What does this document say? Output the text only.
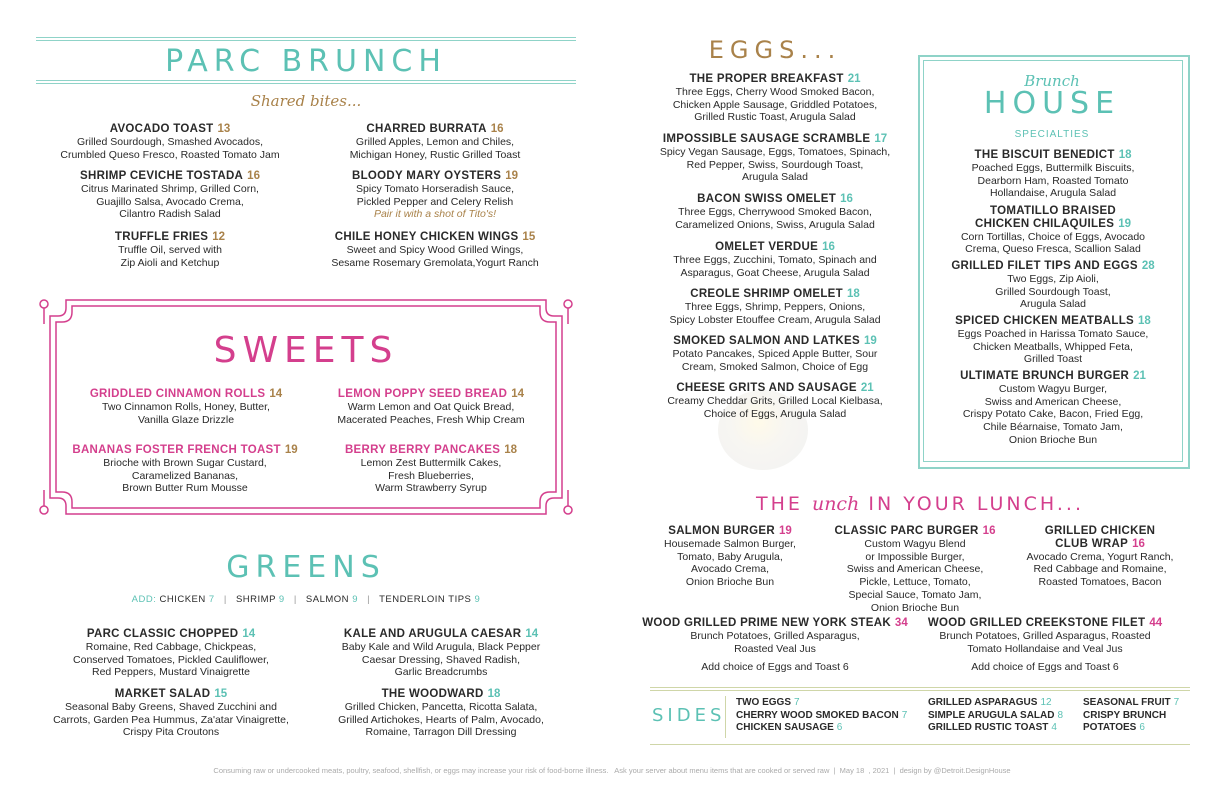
PARC BRUNCH
Shared bites...
AVOCADO TOAST 13
Grilled Sourdough, Smashed Avocados,
Crumbled Queso Fresco, Roasted Tomato Jam
CHARRED BURRATA 16
Grilled Apples, Lemon and Chiles,
Michigan Honey, Rustic Grilled Toast
SHRIMP CEVICHE TOSTADA 16
Citrus Marinated Shrimp, Grilled Corn,
Guajillo Salsa, Avocado Crema,
Cilantro Radish Salad
BLOODY MARY OYSTERS 19
Spicy Tomato Horseradish Sauce,
Pickled Pepper and Celery Relish
Pair it with a shot of Tito's!
TRUFFLE FRIES 12
Truffle Oil, served with
Zip Aioli and Ketchup
CHILE HONEY CHICKEN WINGS 15
Sweet and Spicy Wood Grilled Wings,
Sesame Rosemary Gremolata,Yogurt Ranch
SWEETS
GRIDDLED CINNAMON ROLLS 14
Two Cinnamon Rolls, Honey, Butter,
Vanilla Glaze Drizzle
LEMON POPPY SEED BREAD 14
Warm Lemon and Oat Quick Bread,
Macerated Peaches, Fresh Whip Cream
BANANAS FOSTER FRENCH TOAST 19
Brioche with Brown Sugar Custard,
Caramelized Bananas,
Brown Butter Rum Mousse
BERRY BERRY PANCAKES 18
Lemon Zest Buttermilk Cakes,
Fresh Blueberries,
Warm Strawberry Syrup
GREENS
ADD: CHICKEN 7 | SHRIMP 9 | SALMON 9 | TENDERLOIN TIPS 9
PARC CLASSIC CHOPPED 14
Romaine, Red Cabbage, Chickpeas,
Conserved Tomatoes, Pickled Cauliflower,
Red Peppers, Mustard Vinaigrette
KALE AND ARUGULA CAESAR 14
Baby Kale and Wild Arugula, Black Pepper
Caesar Dressing, Shaved Radish,
Garlic Breadcrumbs
MARKET SALAD 15
Seasonal Baby Greens, Shaved Zucchini and
Carrots, Garden Pea Hummus, Za'atar Vinaigrette,
Crispy Pita Croutons
THE WOODWARD 18
Grilled Chicken, Pancetta, Ricotta Salata,
Grilled Artichokes, Hearts of Palm, Avocado,
Romaine, Tarragon Dill Dressing
EGGS...
THE PROPER BREAKFAST 21
Three Eggs, Cherry Wood Smoked Bacon,
Chicken Apple Sausage, Griddled Potatoes,
Grilled Rustic Toast, Arugula Salad
IMPOSSIBLE SAUSAGE SCRAMBLE 17
Spicy Vegan Sausage, Eggs, Tomatoes, Spinach,
Red Pepper, Swiss, Sourdough Toast,
Arugula Salad
BACON SWISS OMELET 16
Three Eggs, Cherrywood Smoked Bacon,
Caramelized Onions, Swiss, Arugula Salad
OMELET VERDUE 16
Three Eggs, Zucchini, Tomato, Spinach and
Asparagus, Goat Cheese, Arugula Salad
CREOLE SHRIMP OMELET 18
Three Eggs, Shrimp, Peppers, Onions,
Spicy Lobster Etouffee Cream, Arugula Salad
SMOKED SALMON AND LATKES 19
Potato Pancakes, Spiced Apple Butter, Sour
Cream, Smoked Salmon, Choice of Egg
CHEESE GRITS AND SAUSAGE 21
Creamy Cheddar Grits, Grilled Local Kielbasa,
Choice of Eggs, Arugula Salad
Brunch
HOUSE
SPECIALTIES
THE BISCUIT BENEDICT 18
Poached Eggs, Buttermilk Biscuits,
Dearborn Ham, Roasted Tomato
Hollandaise, Arugula Salad
TOMATILLO BRAISED
CHICKEN CHILAQUILES 19
Corn Tortillas, Choice of Eggs, Avocado
Crema, Queso Fresca, Scallion Salad
GRILLED FILET TIPS AND EGGS 28
Two Eggs, Zip Aioli,
Grilled Sourdough Toast,
Arugula Salad
SPICED CHICKEN MEATBALLS 18
Eggs Poached in Harissa Tomato Sauce,
Chicken Meatballs, Whipped Feta,
Grilled Toast
ULTIMATE BRUNCH BURGER 21
Custom Wagyu Burger,
Swiss and American Cheese,
Crispy Potato Cake, Bacon, Fried Egg,
Chile Béarnaise, Tomato Jam,
Onion Brioche Bun
THE unch IN YOUR LUNCH...
SALMON BURGER 19
Housemade Salmon Burger,
Tomato, Baby Arugula,
Avocado Crema,
Onion Brioche Bun
CLASSIC PARC BURGER 16
Custom Wagyu Blend
or Impossible Burger,
Swiss and American Cheese,
Pickle, Lettuce, Tomato,
Special Sauce, Tomato Jam,
Onion Brioche Bun
GRILLED CHICKEN
CLUB WRAP 16
Avocado Crema, Yogurt Ranch,
Red Cabbage and Romaine,
Roasted Tomatoes, Bacon
WOOD GRILLED PRIME NEW YORK STEAK 34
Brunch Potatoes, Grilled Asparagus,
Roasted Veal Jus
Add choice of Eggs and Toast 6
WOOD GRILLED CREEKSTONE FILET 44
Brunch Potatoes, Grilled Asparagus, Roasted
Tomato Hollandaise and Veal Jus
Add choice of Eggs and Toast 6
SIDES
TWO EGGS 7
CHERRY WOOD SMOKED BACON 7
CHICKEN SAUSAGE 6
GRILLED ASPARAGUS 12
SIMPLE ARUGULA SALAD 8
GRILLED RUSTIC TOAST 4
SEASONAL FRUIT 7
CRISPY BRUNCH
POTATOES 6
Consuming raw or undercooked meats, poultry, seafood, shellfish, or eggs may increase your risk of food-borne illness.   Ask your server about menu items that are cooked or served raw  |  May 18  , 2021  |  design by @Detroit.DesignHouse
